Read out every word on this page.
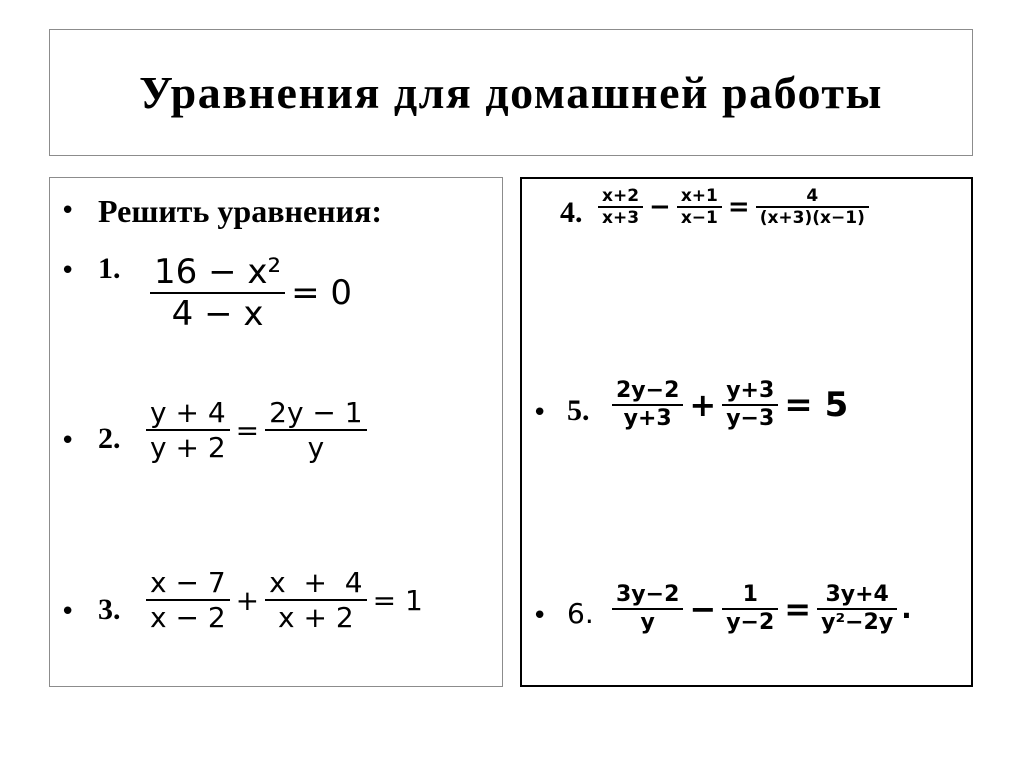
Уравнения для домашней работы
• Решить уравнения:
• 1. $\frac{\text{16 − x²}}{4 - x} = 0$
• 2. $\frac{y + 4}{y + 2} = \frac{2y - 1}{y}$
• 3. $\frac{x - 7}{x - 2} + \frac{x + 4}{x + 2} = 1$
4. $\frac{x+2}{x+3} - \frac{x+1}{x-1} = \frac{4}{(x+3)(x-1)}$
• 5. $\frac{2y-2}{y+3} + \frac{y+3}{y-3} = 5$
• 6. $\frac{3y-2}{y} - \frac{1}{y-2} = \frac{3y+4}{\text{y²−2y}}$ .
